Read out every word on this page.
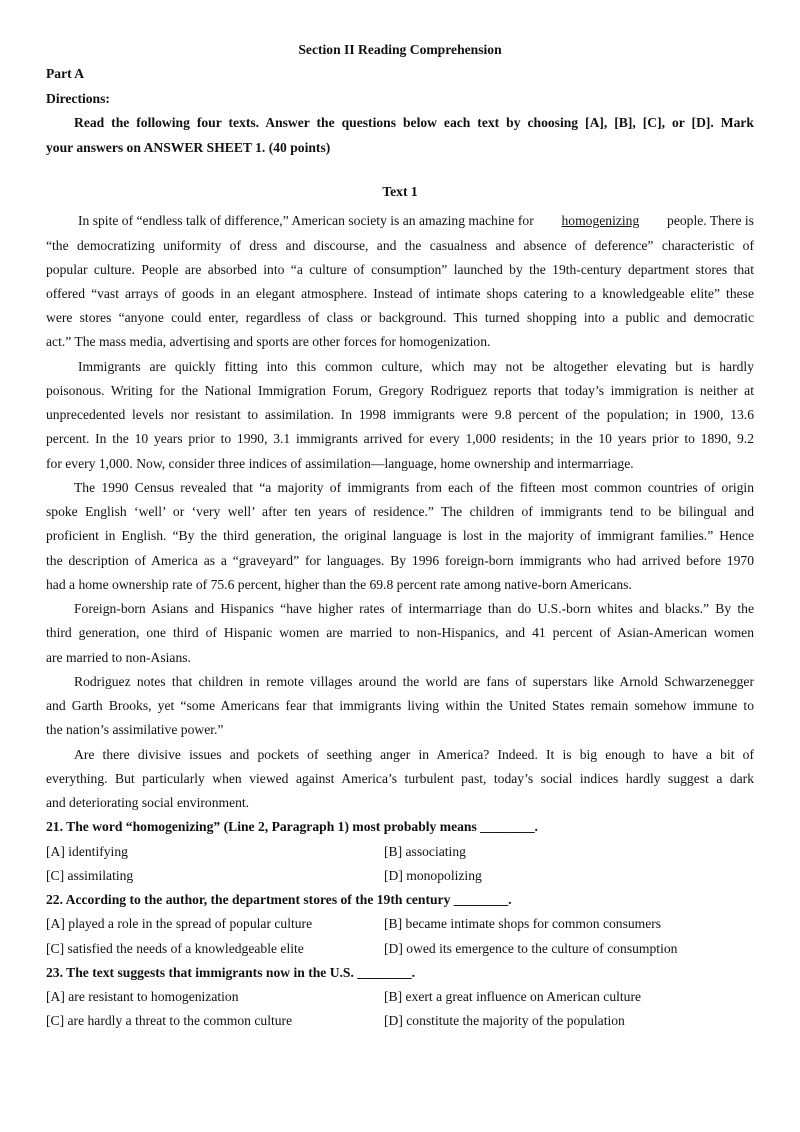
Section II Reading Comprehension
Part A
Directions:
Read the following four texts. Answer the questions below each text by choosing [A], [B], [C], or [D]. Mark
your answers on ANSWER SHEET 1. (40 points)
Text 1
In spite of “endless talk of difference,” American society is an amazing machine for homogenizing people. There is
“the democratizing uniformity of dress and discourse, and the casualness and absence of deference” characteristic of
popular culture. People are absorbed into “a culture of consumption” launched by the 19th-century department stores that
offered “vast arrays of goods in an elegant atmosphere. Instead of intimate shops catering to a knowledgeable elite” these
were stores “anyone could enter, regardless of class or background. This turned shopping into a public and democratic
act.” The mass media, advertising and sports are other forces for homogenization.
Immigrants are quickly fitting into this common culture, which may not be altogether elevating but is hardly
poisonous. Writing for the National Immigration Forum, Gregory Rodriguez reports that today’s immigration is neither at
unprecedented levels nor resistant to assimilation. In 1998 immigrants were 9.8 percent of the population; in 1900, 13.6
percent. In the 10 years prior to 1990, 3.1 immigrants arrived for every 1,000 residents; in the 10 years prior to 1890, 9.2
for every 1,000. Now, consider three indices of assimilation—language, home ownership and intermarriage.
The 1990 Census revealed that “a majority of immigrants from each of the fifteen most common countries of origin
spoke English ‘well’ or ‘very well’ after ten years of residence.” The children of immigrants tend to be bilingual and
proficient in English. “By the third generation, the original language is lost in the majority of immigrant families.” Hence
the description of America as a “graveyard” for languages. By 1996 foreign-born immigrants who had arrived before 1970
had a home ownership rate of 75.6 percent, higher than the 69.8 percent rate among native-born Americans.
Foreign-born Asians and Hispanics “have higher rates of intermarriage than do U.S.-born whites and blacks.” By the
third generation, one third of Hispanic women are married to non-Hispanics, and 41 percent of Asian-American women
are married to non-Asians.
Rodriguez notes that children in remote villages around the world are fans of superstars like Arnold Schwarzenegger
and Garth Brooks, yet “some Americans fear that immigrants living within the United States remain somehow immune to
the nation’s assimilative power.”
Are there divisive issues and pockets of seething anger in America? Indeed. It is big enough to have a bit of
everything. But particularly when viewed against America’s turbulent past, today’s social indices hardly suggest a dark
and deteriorating social environment.
21. The word “homogenizing” (Line 2, Paragraph 1) most probably means ________.
[A] identifying	[B] associating
[C] assimilating	[D] monopolizing
22. According to the author, the department stores of the 19th century ________.
[A] played a role in the spread of popular culture	[B] became intimate shops for common consumers
[C] satisfied the needs of a knowledgeable elite	[D] owed its emergence to the culture of consumption
23. The text suggests that immigrants now in the U.S. ________.
[A] are resistant to homogenization	[B] exert a great influence on American culture
[C] are hardly a threat to the common culture	[D] constitute the majority of the population
